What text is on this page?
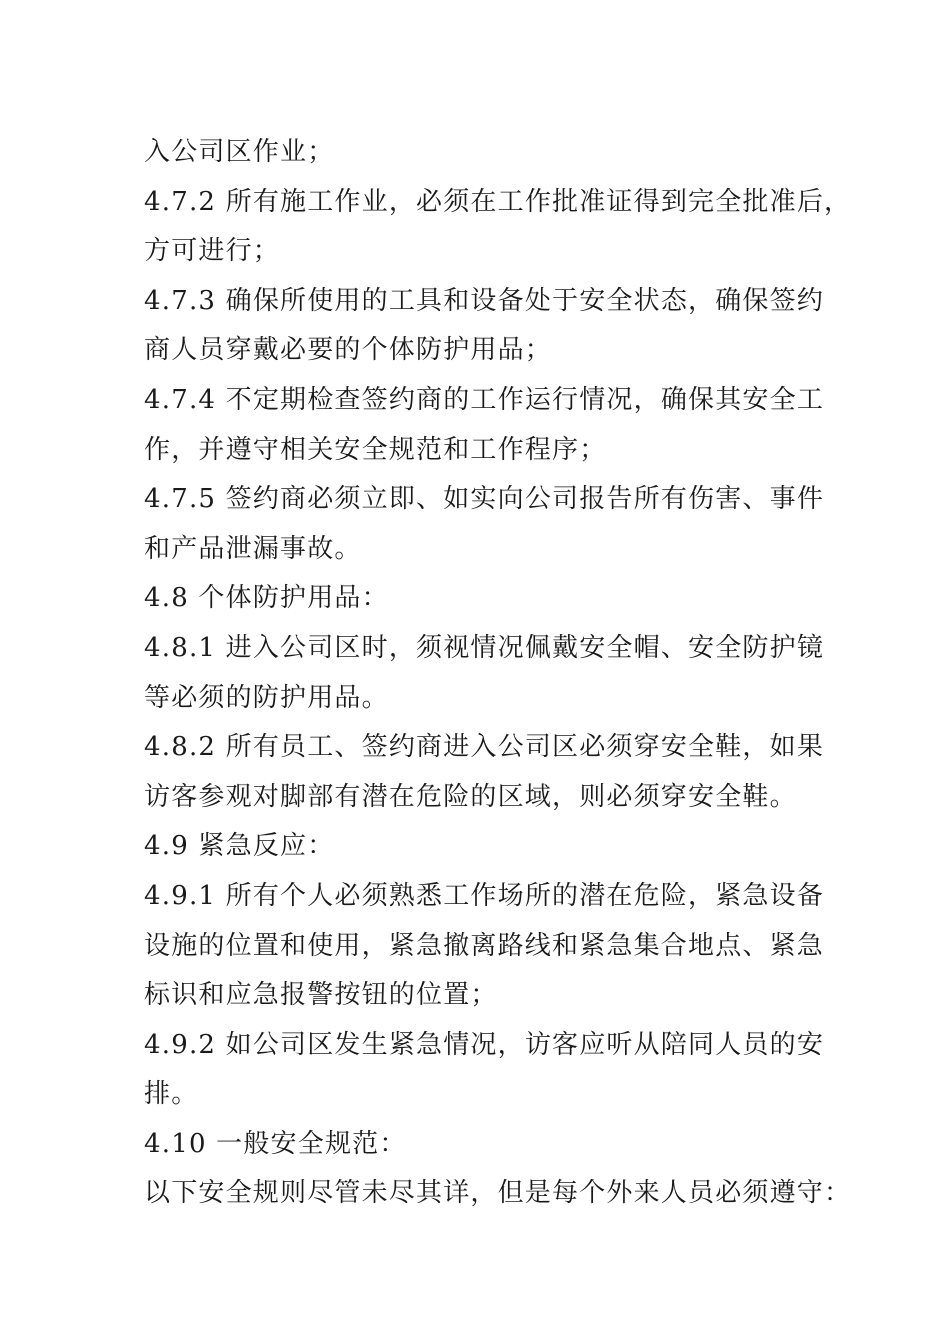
入公司区作业；
4.7.2 所有施工作业，必须在工作批准证得到完全批准后，
方可进行；
4.7.3 确保所使用的工具和设备处于安全状态，确保签约
商人员穿戴必要的个体防护用品；
4.7.4 不定期检查签约商的工作运行情况，确保其安全工
作，并遵守相关安全规范和工作程序；
4.7.5 签约商必须立即、如实向公司报告所有伤害、事件
和产品泄漏事故。
4.8 个体防护用品：
4.8.1 进入公司区时，须视情况佩戴安全帽、安全防护镜
等必须的防护用品。
4.8.2 所有员工、签约商进入公司区必须穿安全鞋，如果
访客参观对脚部有潜在危险的区域，则必须穿安全鞋。
4.9 紧急反应：
4.9.1 所有个人必须熟悉工作场所的潜在危险，紧急设备
设施的位置和使用，紧急撤离路线和紧急集合地点、紧急
标识和应急报警按钮的位置；
4.9.2 如公司区发生紧急情况，访客应听从陪同人员的安
排。
4.10 一般安全规范：
以下安全规则尽管未尽其详，但是每个外来人员必须遵守：
